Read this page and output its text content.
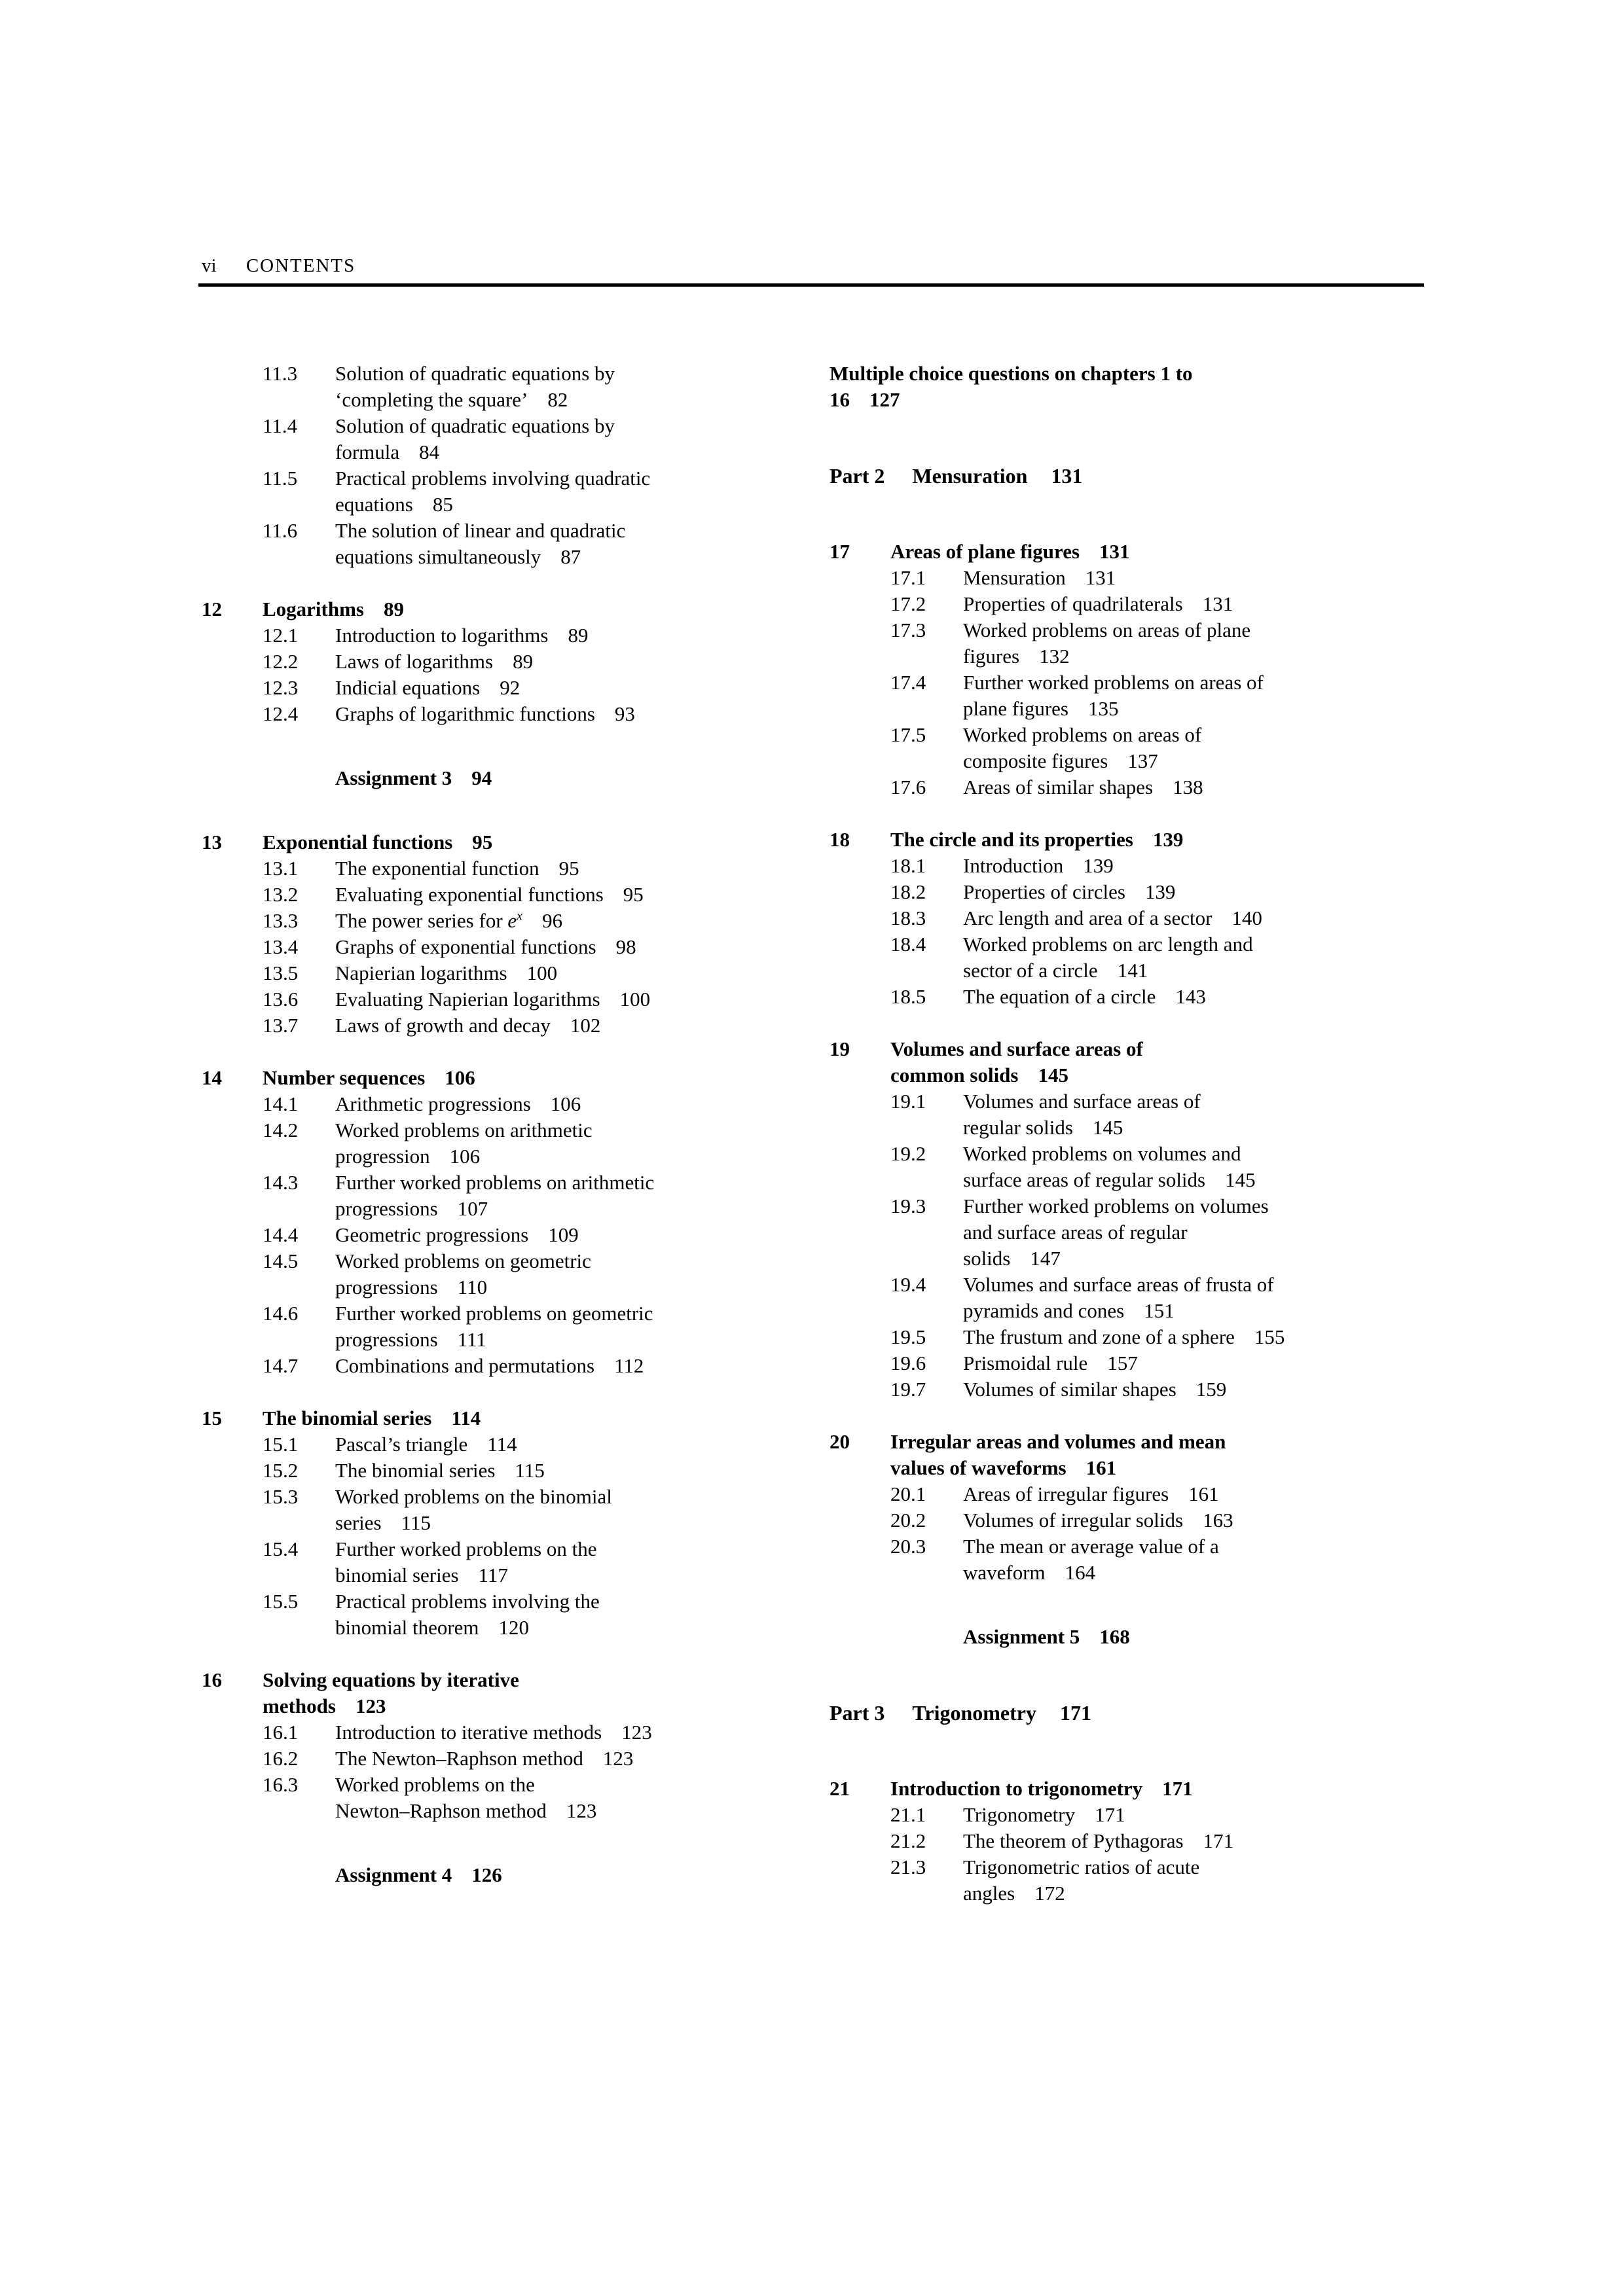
vi CONTENTS
11.3 Solution of quadratic equations by
‘completing the square’ 82
11.4 Solution of quadratic equations by
formula 84
11.5 Practical problems involving quadratic
equations 85
11.6 The solution of linear and quadratic
equations simultaneously 87
12 Logarithms 89
12.1 Introduction to logarithms 89
12.2 Laws of logarithms 89
12.3 Indicial equations 92
12.4 Graphs of logarithmic functions 93
Assignment 3 94
13 Exponential functions 95
13.1 The exponential function 95
13.2 Evaluating exponential functions 95
13.3 The power series for $e^x$ 96
13.4 Graphs of exponential functions 98
13.5 Napierian logarithms 100
13.6 Evaluating Napierian logarithms 100
13.7 Laws of growth and decay 102
14 Number sequences 106
14.1 Arithmetic progressions 106
14.2 Worked problems on arithmetic
progression 106
14.3 Further worked problems on arithmetic
progressions 107
14.4 Geometric progressions 109
14.5 Worked problems on geometric
progressions 110
14.6 Further worked problems on geometric
progressions 111
14.7 Combinations and permutations 112
15 The binomial series 114
15.1 Pascal’s triangle 114
15.2 The binomial series 115
15.3 Worked problems on the binomial
series 115
15.4 Further worked problems on the
binomial series 117
15.5 Practical problems involving the
binomial theorem 120
16 Solving equations by iterative
methods 123
16.1 Introduction to iterative methods 123
16.2 The Newton–Raphson method 123
16.3 Worked problems on the
Newton–Raphson method 123
Assignment 4 126
Multiple choice questions on chapters 1 to
16 127
Part 2 Mensuration 131
17 Areas of plane figures 131
17.1 Mensuration 131
17.2 Properties of quadrilaterals 131
17.3 Worked problems on areas of plane
figures 132
17.4 Further worked problems on areas of
plane figures 135
17.5 Worked problems on areas of
composite figures 137
17.6 Areas of similar shapes 138
18 The circle and its properties 139
18.1 Introduction 139
18.2 Properties of circles 139
18.3 Arc length and area of a sector 140
18.4 Worked problems on arc length and
sector of a circle 141
18.5 The equation of a circle 143
19 Volumes and surface areas of
common solids 145
19.1 Volumes and surface areas of
regular solids 145
19.2 Worked problems on volumes and
surface areas of regular solids 145
19.3 Further worked problems on volumes
and surface areas of regular
solids 147
19.4 Volumes and surface areas of frusta of
pyramids and cones 151
19.5 The frustum and zone of a sphere 155
19.6 Prismoidal rule 157
19.7 Volumes of similar shapes 159
20 Irregular areas and volumes and mean
values of waveforms 161
20.1 Areas of irregular figures 161
20.2 Volumes of irregular solids 163
20.3 The mean or average value of a
waveform 164
Assignment 5 168
Part 3 Trigonometry 171
21 Introduction to trigonometry 171
21.1 Trigonometry 171
21.2 The theorem of Pythagoras 171
21.3 Trigonometric ratios of acute
angles 172
